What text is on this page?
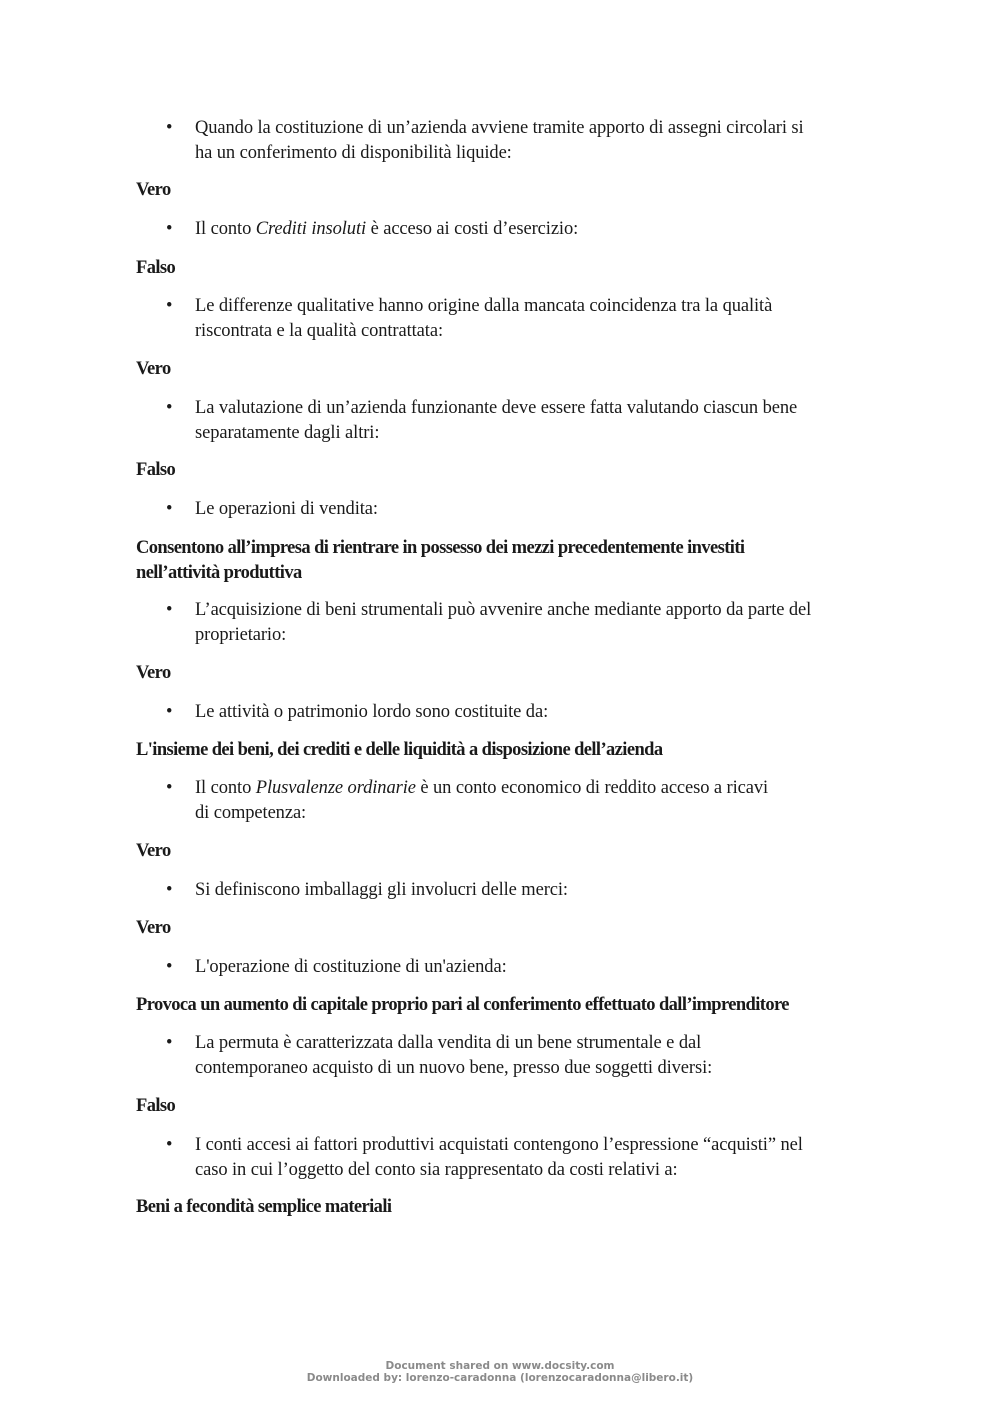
• Quando la costituzione di un’azienda avviene tramite apporto di assegni circolari si
ha un conferimento di disponibilità liquide:

Vero

• Il conto Crediti insoluti è acceso ai costi d’esercizio:

Falso

• Le differenze qualitative hanno origine dalla mancata coincidenza tra la qualità
riscontrata e la qualità contrattata:

Vero

• La valutazione di un’azienda funzionante deve essere fatta valutando ciascun bene
separatamente dagli altri:

Falso

• Le operazioni di vendita:

Consentono all’impresa di rientrare in possesso dei mezzi precedentemente investiti
nell’attività produttiva

• L’acquisizione di beni strumentali può avvenire anche mediante apporto da parte del
proprietario:

Vero

• Le attività o patrimonio lordo sono costituite da:

L'insieme dei beni, dei crediti e delle liquidità a disposizione dell’azienda

• Il conto Plusvalenze ordinarie è un conto economico di reddito acceso a ricavi
di competenza:

Vero

• Si definiscono imballaggi gli involucri delle merci:

Vero

• L'operazione di costituzione di un'azienda:

Provoca un aumento di capitale proprio pari al conferimento effettuato dall’imprenditore

• La permuta è caratterizzata dalla vendita di un bene strumentale e dal
contemporaneo acquisto di un nuovo bene, presso due soggetti diversi:

Falso

• I conti accesi ai fattori produttivi acquistati contengono l’espressione “acquisti” nel
caso in cui l’oggetto del conto sia rappresentato da costi relativi a:

Beni a fecondità semplice materiali

Document shared on www.docsity.com
Downloaded by: lorenzo-caradonna (lorenzocaradonna@libero.it)
